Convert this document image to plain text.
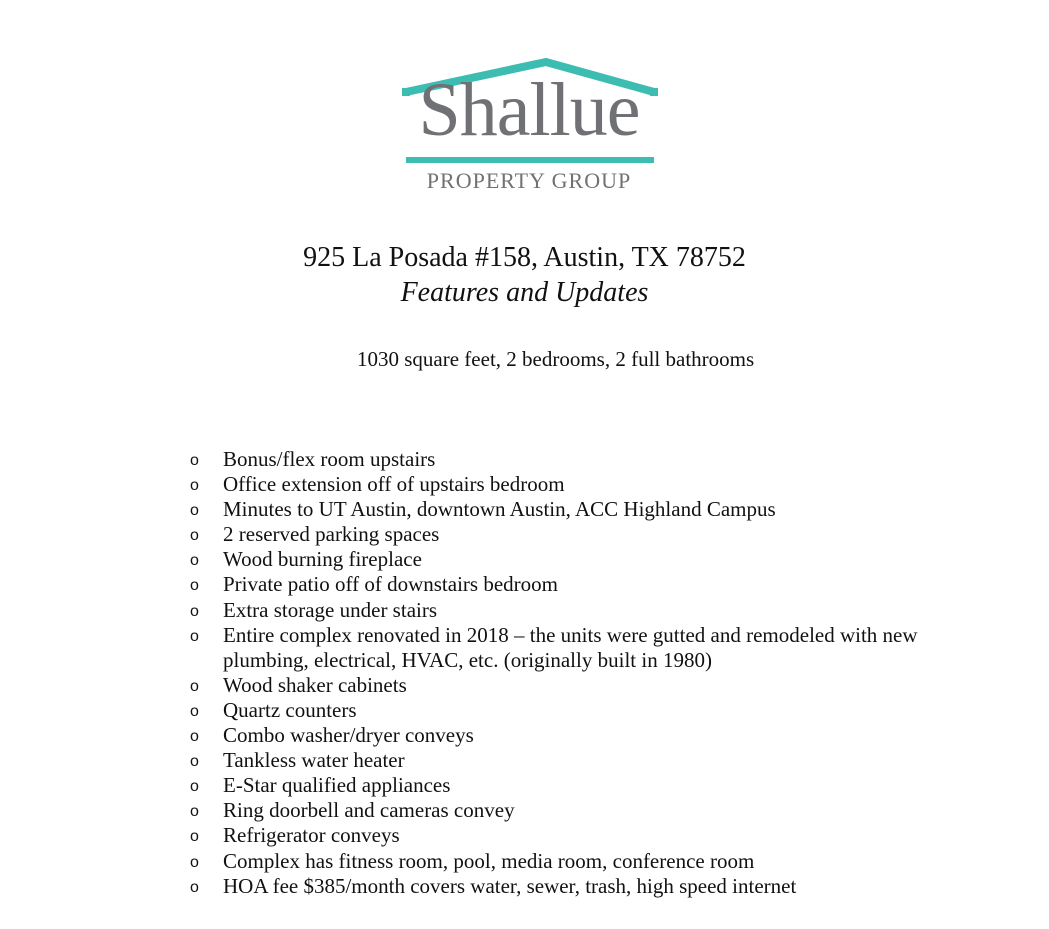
Shallue
PROPERTY GROUP
925 La Posada #158, Austin, TX 78752
Features and Updates
1030 square feet, 2 bedrooms, 2 full bathrooms
o Bonus/flex room upstairs
o Office extension off of upstairs bedroom
o Minutes to UT Austin, downtown Austin, ACC Highland Campus
o 2 reserved parking spaces
o Wood burning fireplace
o Private patio off of downstairs bedroom
o Extra storage under stairs
o Entire complex renovated in 2018 – the units were gutted and remodeled with new plumbing, electrical, HVAC, etc. (originally built in 1980)
o Wood shaker cabinets
o Quartz counters
o Combo washer/dryer conveys
o Tankless water heater
o E-Star qualified appliances
o Ring doorbell and cameras convey
o Refrigerator conveys
o Complex has fitness room, pool, media room, conference room
o HOA fee $385/month covers water, sewer, trash, high speed internet
